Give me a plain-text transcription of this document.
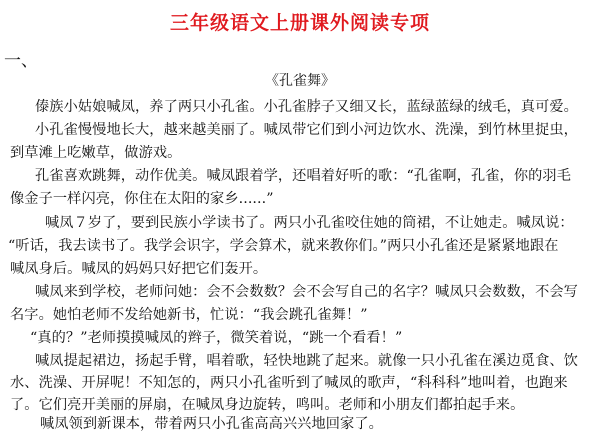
三年级语文上册课外阅读专项
一、
《孔雀舞》
傣族小姑娘喊凤，养了两只小孔雀。小孔雀脖子又细又长，蓝绿蓝绿的绒毛，真可爱。
小孔雀慢慢地长大，越来越美丽了。喊凤带它们到小河边饮水、洗澡，到竹林里捉虫，
到草滩上吃嫩草，做游戏。
孔雀喜欢跳舞，动作优美。喊凤跟着学，还唱着好听的歌：“孔雀啊，孔雀，你的羽毛
像金子一样闪亮，你住在太阳的家乡......”
喊凤７岁了，要到民族小学读书了。两只小孔雀咬住她的筒裙，不让她走。喊凤说：
“听话，我去读书了。我学会识字，学会算术，就来教你们。”两只小孔雀还是紧紧地跟在
喊凤身后。喊凤的妈妈只好把它们轰开。
喊凤来到学校，老师问她：会不会数数？会不会写自己的名字？喊凤只会数数，不会写
名字。她怕老师不发给她新书，忙说：“我会跳孔雀舞！”
“真的？”老师摸摸喊凤的辫子，微笑着说，“跳一个看看！”
喊凤提起裙边，扬起手臂，唱着歌，轻快地跳了起来。就像一只小孔雀在溪边觅食、饮
水、洗澡、开屏呢！不知怎的，两只小孔雀听到了喊凤的歌声，“科科科”地叫着，也跑来
了。它们亮开美丽的屏扇，在喊凤身边旋转，鸣叫。老师和小朋友们都拍起手来。
喊凤领到新课本，带着两只小孔雀高高兴兴地回家了。
